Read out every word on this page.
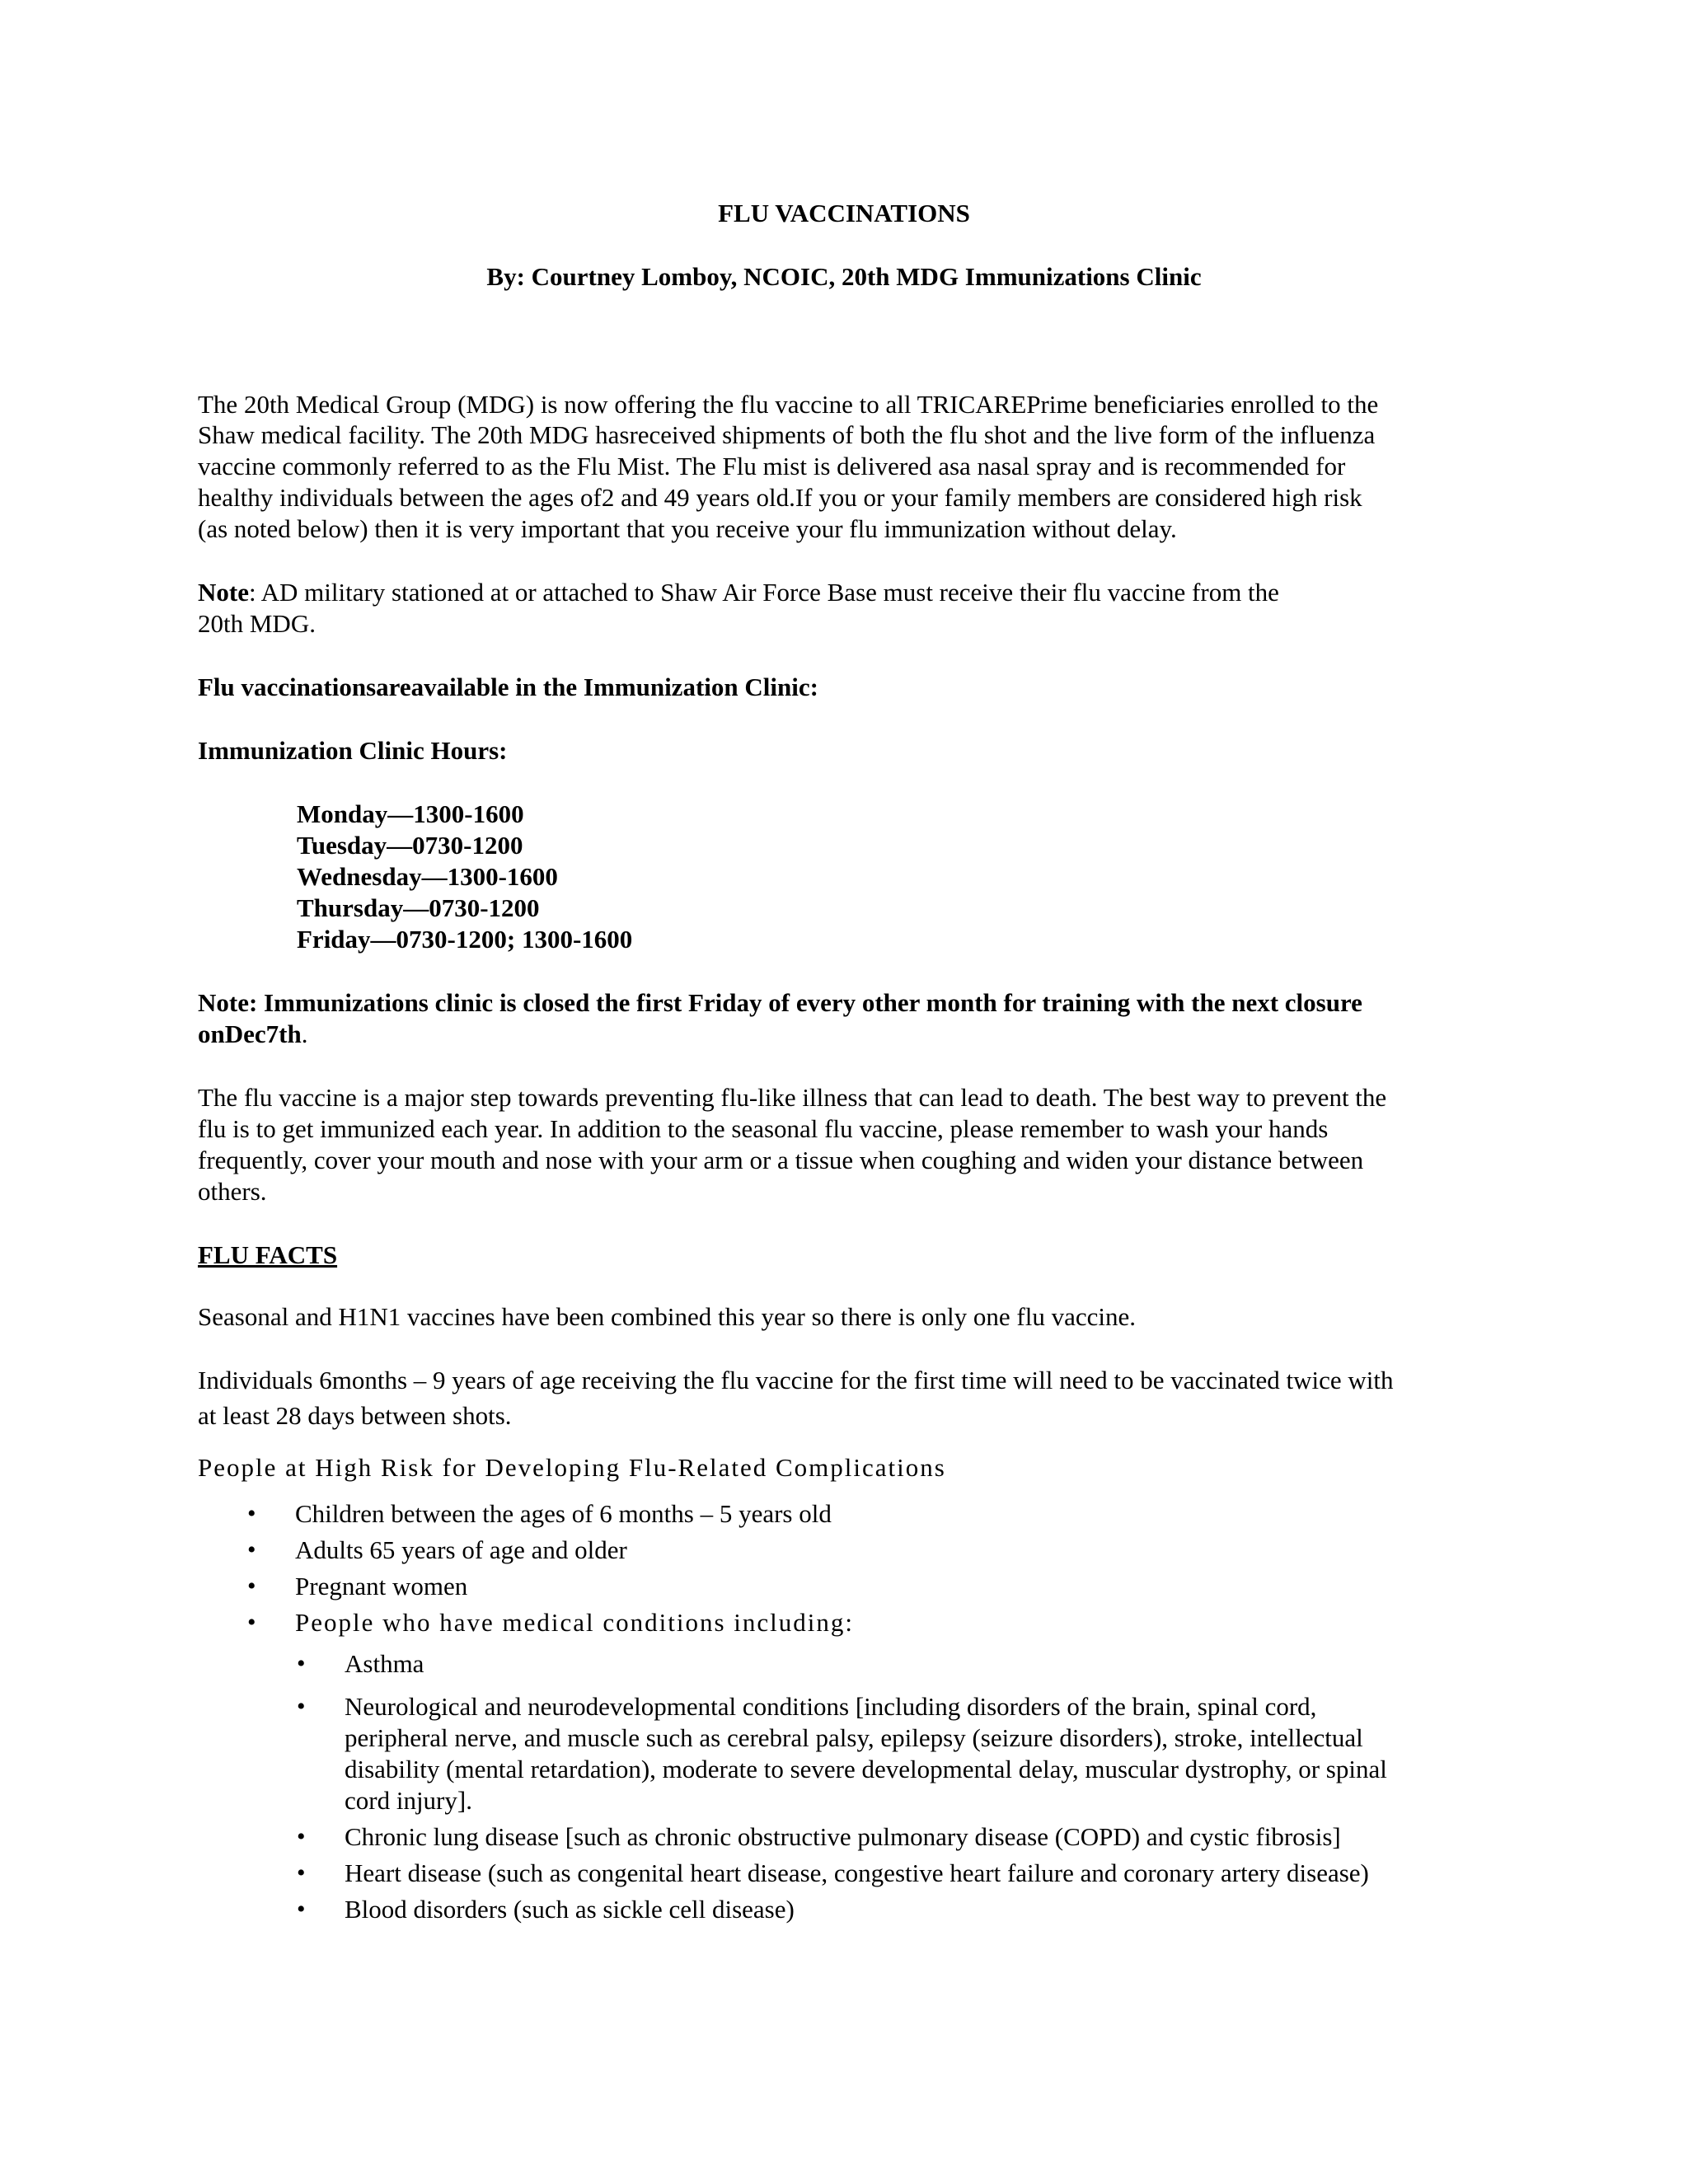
FLU VACCINATIONS

By: Courtney Lomboy, NCOIC, 20th MDG Immunizations Clinic

The 20th Medical Group (MDG) is now offering the flu vaccine to all TRICAREPrime beneficiaries enrolled to the

Shaw medical facility. The 20th MDG hasreceived shipments of both the flu shot and the live form of the influenza

vaccine commonly referred to as the Flu Mist. The Flu mist is delivered asa nasal spray and is recommended for

healthy individuals between the ages of2 and 49 years old.If you or your family members are considered high risk

(as noted below) then it is very important that you receive your flu immunization without delay.

Note: AD military stationed at or attached to Shaw Air Force Base must receive their flu vaccine from the

20th MDG.

Flu vaccinationsareavailable in the Immunization Clinic:

Immunization Clinic Hours:

Monday—1300-1600

Tuesday—0730-1200

Wednesday—1300-1600

Thursday—0730-1200

Friday—0730-1200; 1300-1600

Note: Immunizations clinic is closed the first Friday of every other month for training with the next closure

onDec7th.

The flu vaccine is a major step towards preventing flu-like illness that can lead to death. The best way to prevent the

flu is to get immunized each year. In addition to the seasonal flu vaccine, please remember to wash your hands

frequently, cover your mouth and nose with your arm or a tissue when coughing and widen your distance between

others.

FLU FACTS

Seasonal and H1N1 vaccines have been combined this year so there is only one flu vaccine.

Individuals 6months – 9 years of age receiving the flu vaccine for the first time will need to be vaccinated twice with

at least 28 days between shots.

People at High Risk for Developing Flu-Related Complications

• Children between the ages of 6 months – 5 years old

• Adults 65 years of age and older

• Pregnant women

• People who have medical conditions including:

• Asthma

• Neurological and neurodevelopmental conditions [including disorders of the brain, spinal cord,

peripheral nerve, and muscle such as cerebral palsy, epilepsy (seizure disorders), stroke, intellectual

disability (mental retardation), moderate to severe developmental delay, muscular dystrophy, or spinal

cord injury].

• Chronic lung disease [such as chronic obstructive pulmonary disease (COPD) and cystic fibrosis]

• Heart disease (such as congenital heart disease, congestive heart failure and coronary artery disease)

• Blood disorders (such as sickle cell disease)
